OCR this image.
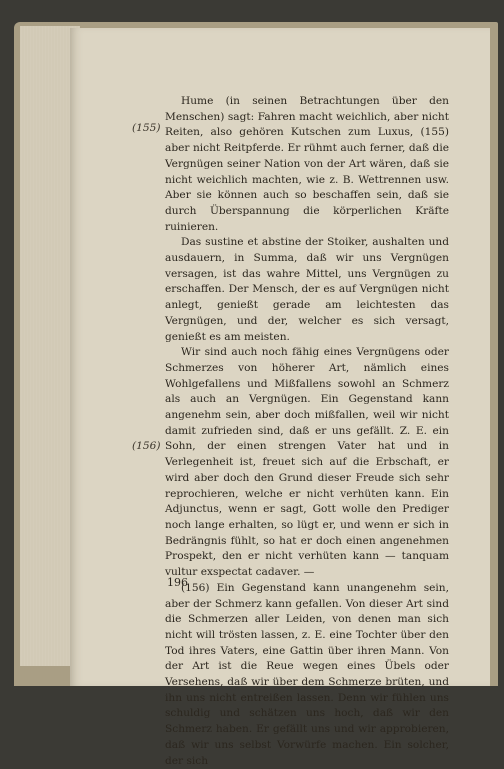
(155)
(156)

Hume (in seinen Betrachtungen über den Menschen) sagt: Fahren macht weichlich, aber nicht Reiten, also gehören Kutschen zum Luxus, (155) aber nicht Reitpferde. Er rühmt auch ferner, daß die Vergnügen seiner Nation von der Art wären, daß sie nicht weichlich machten, wie z. B. Wettrennen usw. Aber sie können auch so beschaffen sein, daß sie durch Überspannung die körperlichen Kräfte ruinieren.

Das sustine et abstine der Stoiker, aushalten und ausdauern, in Summa, daß wir uns Vergnügen versagen, ist das wahre Mittel, uns Vergnügen zu erschaffen. Der Mensch, der es auf Vergnügen nicht anlegt, genießt gerade am leichtesten das Vergnügen, und der, welcher es sich versagt, genießt es am meisten.

Wir sind auch noch fähig eines Vergnügens oder Schmerzes von höherer Art, nämlich eines Wohlgefallens und Mißfallens sowohl an Schmerz als auch an Vergnügen. Ein Gegenstand kann angenehm sein, aber doch mißfallen, weil wir nicht damit zufrieden sind, daß er uns gefällt. Z. E. ein Sohn, der einen strengen Vater hat und in Verlegenheit ist, freuet sich auf die Erbschaft, er wird aber doch den Grund dieser Freude sich sehr reprochieren, welche er nicht verhüten kann. Ein Adjunctus, wenn er sagt, Gott wolle den Prediger noch lange erhalten, so lügt er, und wenn er sich in Bedrängnis fühlt, so hat er doch einen angenehmen Prospekt, den er nicht verhüten kann — tanquam vultur exspectat cadaver. —

(156) Ein Gegenstand kann unangenehm sein, aber der Schmerz kann gefallen. Von dieser Art sind die Schmerzen aller Leiden, von denen man sich nicht will trösten lassen, z. E. eine Tochter über den Tod ihres Vaters, eine Gattin über ihren Mann. Von der Art ist die Reue wegen eines Übels oder Versehens, daß wir über dem Schmerze brüten, und ihn uns nicht entreißen lassen. Denn wir fühlen uns schuldig und schätzen uns hoch, daß wir den Schmerz haben. Er gefällt uns und wir approbieren, daß wir uns selbst Vorwürfe machen. Ein solcher, der sich

196
